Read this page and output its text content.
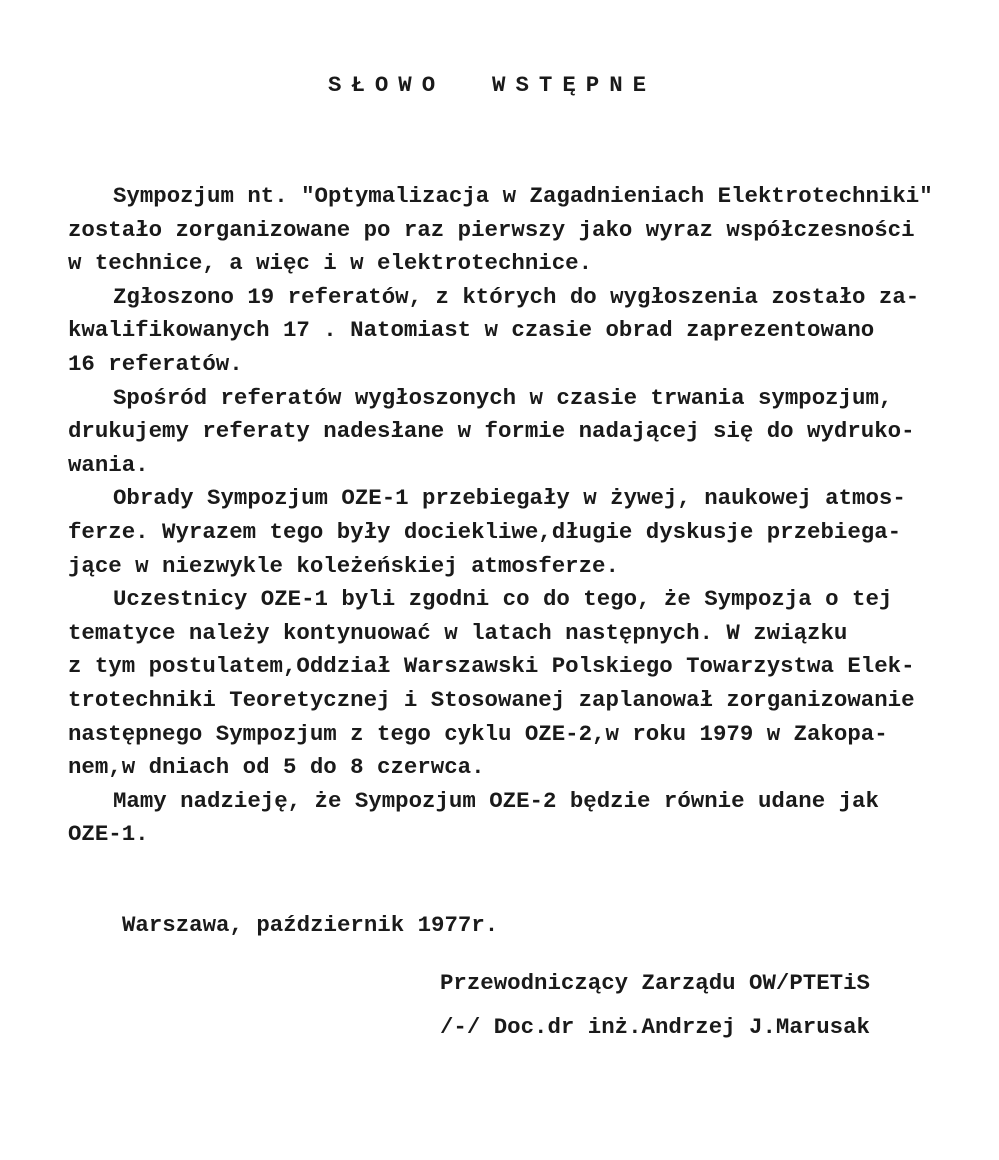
SŁOWO  WSTĘPNE
Sympozjum nt. "Optymalizacja w Zagadnieniach Elektrotechniki"
zostało zorganizowane po raz pierwszy jako wyraz współczesności
w technice, a więc i w elektrotechnice.
Zgłoszono 19 referatów, z których do wygłoszenia zostało za-
kwalifikowanych 17 . Natomiast w czasie obrad zaprezentowano
16 referatów.
Spośród referatów wygłoszonych w czasie trwania sympozjum,
drukujemy referaty nadesłane w formie nadającej się do wydruko-
wania.
Obrady Sympozjum OZE-1 przebiegały w żywej, naukowej atmos-
ferze. Wyrazem tego były dociekliwe,długie dyskusje przebiega-
jące w niezwykle koleżeńskiej atmosferze.
Uczestnicy OZE-1 byli zgodni co do tego, że Sympozja o tej
tematyce należy kontynuować w latach następnych. W związku
z tym postulatem,Oddział Warszawski Polskiego Towarzystwa Elek-
trotechniki Teoretycznej i Stosowanej zaplanował zorganizowanie
następnego Sympozjum z tego cyklu OZE-2,w roku 1979 w Zakopa-
nem,w dniach od 5 do 8 czerwca.
Mamy nadzieję, że Sympozjum OZE-2 będzie równie udane jak
OZE-1.
Warszawa, październik 1977r.
Przewodniczący Zarządu OW/PTETiS
/-/ Doc.dr inż.Andrzej J.Marusak
